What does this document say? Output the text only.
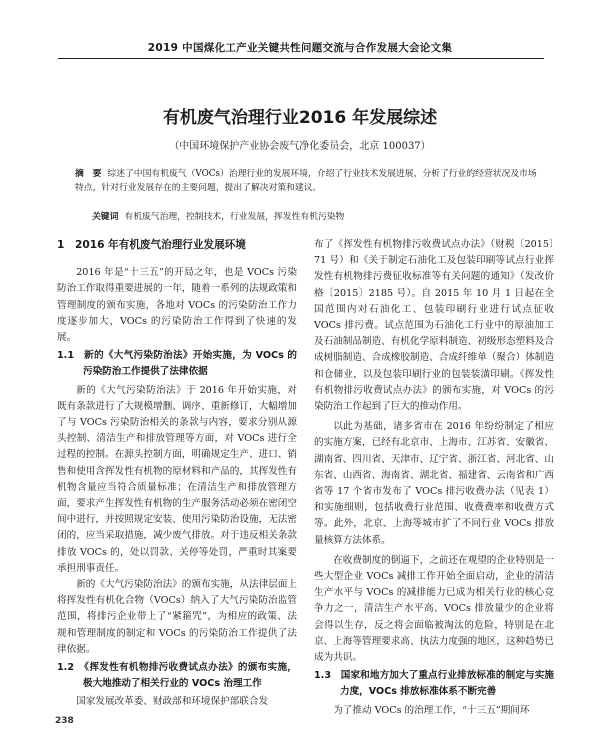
2019 中国煤化工产业关键共性问题交流与合作发展大会论文集
有机废气治理行业2016 年发展综述
（中国环境保护产业协会废气净化委员会，北京 100037）
摘　要 综述了中国有机废气（VOCs）治理行业的发展环境，介绍了行业技术发展进展，分析了行业的经营状况及市场特点，针对行业发展存在的主要问题，提出了解决对策和建议。
关键词 有机废气治理，控制技术，行业发展，挥发性有机污染物
1　2016 年有机废气治理行业发展环境

2016 年是“十三五”的开局之年，也是 VOCs 污染防治工作取得重要进展的一年，随着一系列的法规政策和管理制度的颁布实施，各地对 VOCs 的污染防治工作力度逐步加大，VOCs 的污染防治工作得到了快速的发展。

1.1　新的《大气污染防治法》开始实施，为 VOCs 的污染防治工作提供了法律依据

新的《大气污染防治法》于 2016 年开始实施，对既有条款进行了大规模增删、调序、重新修订，大幅增加了与 VOCs 污染防治相关的条款与内容，要求分别从源头控制、清洁生产和排放管理等方面，对 VOCs 进行全过程的控制。在源头控制方面，明确规定生产、进口、销售和使用含挥发性有机物的原材料和产品的，其挥发性有机物含量应当符合质量标准；在清洁生产和排放管理方面，要求产生挥发性有机物的生产服务活动必须在密闭空间中进行，并按照规定安装、使用污染防治设施，无法密闭的，应当采取措施，减少废气排放。对于违反相关条款排放 VOCs 的，处以罚款、关停等处罚，严重时其案要承担刑事责任。

新的《大气污染防治法》的颁布实施，从法律层面上将挥发性有机化合物（VOCs）纳入了大气污染防治监管范围，将排污企业带上了“紧箍咒”，为相应的政策、法规和管理制度的制定和 VOCs 的污染防治工作提供了法律依据。

1.2　《挥发性有机物排污收费试点办法》的颁布实施，极大地推动了相关行业的 VOCs 治理工作

国家发展改革委、财政部和环境保护部联合发

布了《挥发性有机物排污收费试点办法》（财税〔2015〕71 号）和《关于制定石油化工及包装印刷等试点行业挥发性有机物排污费征收标准等有关问题的通知》（发改价格〔2015〕2185 号）。自 2015 年 10 月 1 日起在全国范围内对石油化工、包装印刷行业进行试点征收 VOCs 排污费。试点范围为石油化工行业中的原油加工及石油制品制造、有机化学原料制造、初级形态塑料及合成树脂制造、合成橡胶制造、合成纤维单（聚合）体制造和仓储业，以及包装印刷行业的包装装潢印刷。《挥发性有机物排污收费试点办法》的颁布实施，对 VOCs 的污染防治工作起到了巨大的推动作用。

以此为基础，诸多省市在 2016 年纷纷制定了相应的实施方案，已经有北京市、上海市、江苏省、安徽省、湖南省、四川省、天津市、辽宁省、浙江省、河北省、山东省、山西省、海南省、湖北省、福建省、云南省和广西省等 17 个省市发布了 VOCs 排污收费办法（见表 1）和实施细则，包括收费行业范围、收费费率和收费方式等。此外，北京、上海等城市扩了不同行业 VOCs 排放量核算方法体系。

在收费制度的倒逼下，之前还在观望的企业特别是一些大型企业 VOCs 减排工作开始全面启动，企业的清洁生产水平与 VOCs 的减排能力已成为相关行业的核心竞争力之一，清洁生产水平高、VOCs 排放量少的企业将会得以生存，反之将会面临被淘汰的危险，特别是在北京、上海等管理要求高、执法力度强的地区，这种趋势已成为共识。

1.3　国家和地方加大了重点行业排放标准的制定与实施力度，VOCs 排放标准体系不断完善

为了推动 VOCs 的治理工作，“十三五”期间环

238
